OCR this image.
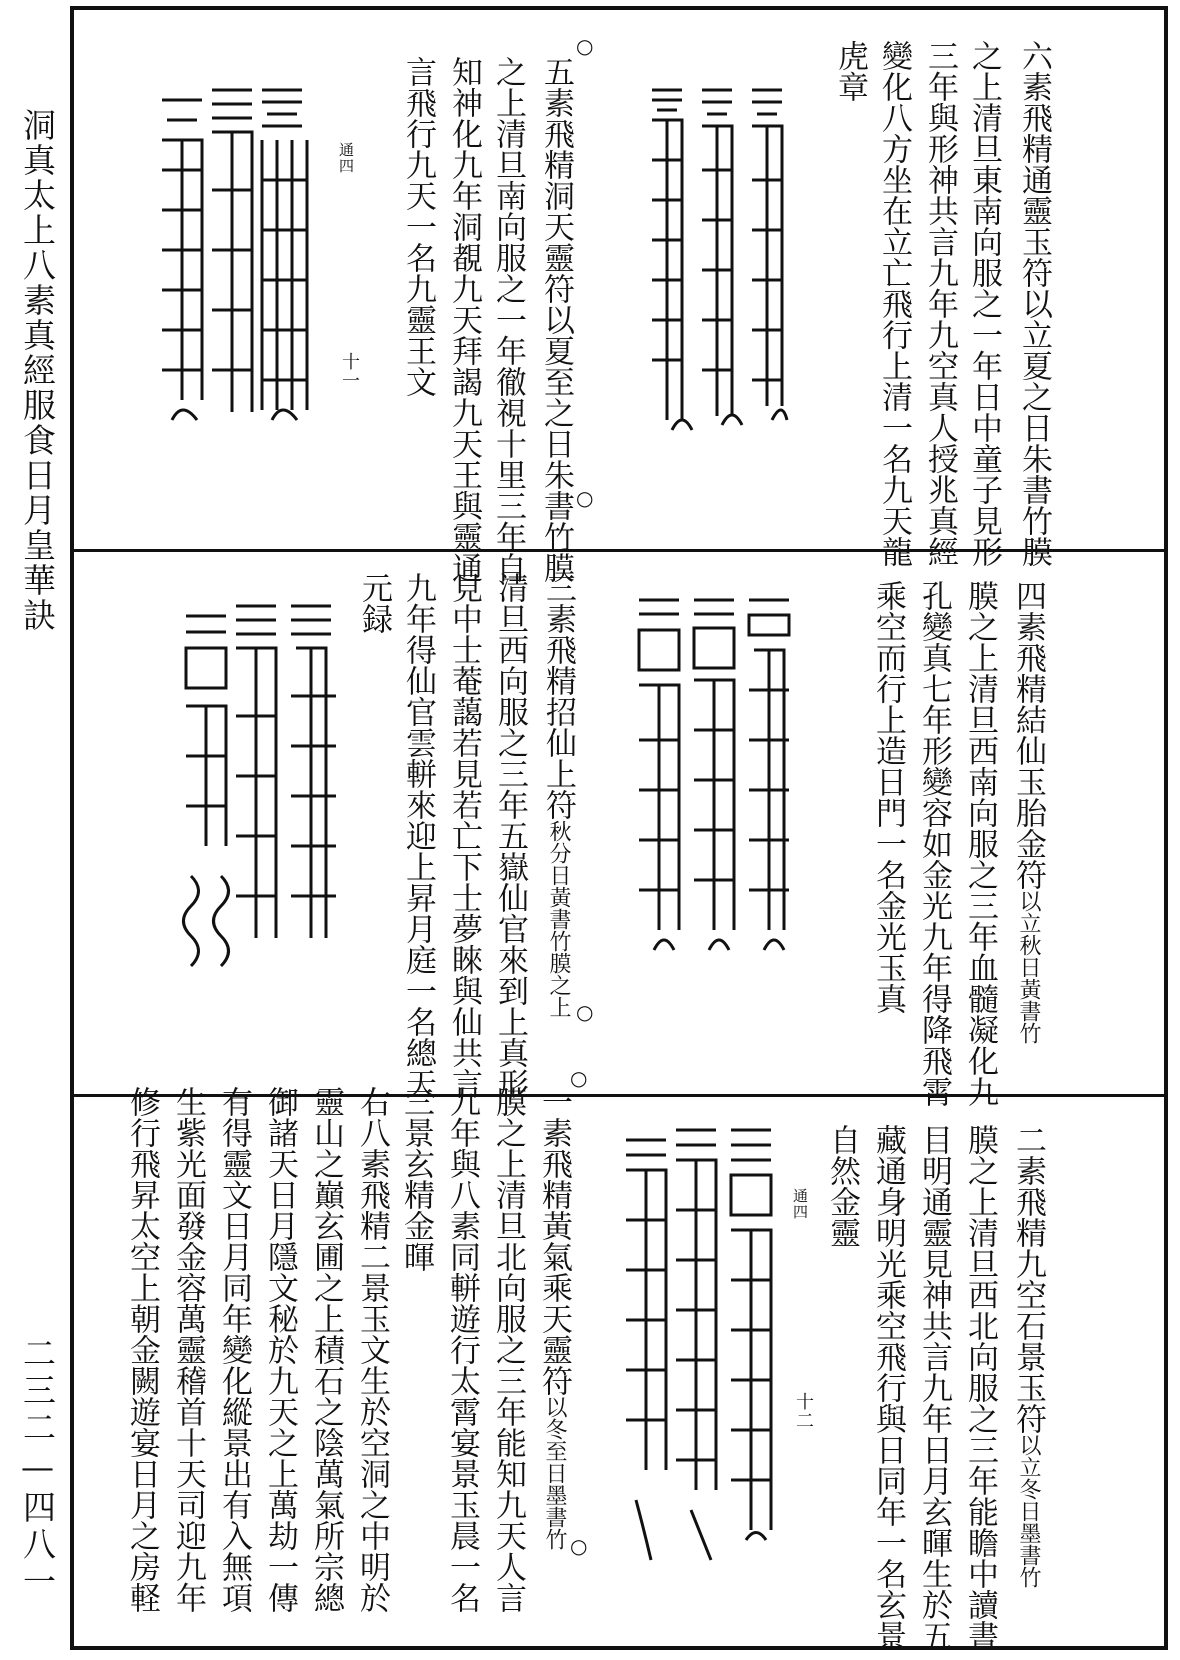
洞真太上八素真經服食日月皇華訣
二三二—四八一
六素飛精通靈玉符以立夏之日朱書竹膜
之上清旦東南向服之一年日中童子見形
三年與形神共言九年九空真人授兆真經
變化八方坐在立亡飛行上清一名九天龍
虎章
○
○
五素飛精洞天靈符以夏至之日朱書竹膜
之上清旦南向服之一年徹視十里三年自
知神化九年洞覩九天拜謁九天王與靈通
言飛行九天一名九靈王文
通四
十一
四素飛精結仙玉胎金符以立秋日黃書竹
膜之上清旦西南向服之三年血髓凝化九
孔變真七年形變容如金光九年得降飛霄
乘空而行上造日門一名金光玉真
○
三素飛精招仙上符秋分日黃書竹膜之上
清旦西向服之三年五嶽仙官來到上真形
見中士菴藹若見若亡下士夢睞與仙共言
九年得仙官雲軿來迎上昇月庭一名總天
元録
二素飛精九空石景玉符以立冬日墨書竹
膜之上清旦西北向服之三年能瞻中讀書
目明通靈見神共言九年日月玄暉生於五
藏通身明光乘空飛行與日同年一名玄景
自然金靈
通四
十二
○
○
一素飛精黃氣乘天靈符以冬至日墨書竹
膜之上清旦北向服之三年能知九天人言
九年與八素同軿遊行太霄宴景玉晨一名
三景玄精金暉
右八素飛精二景玉文生於空洞之中明於
靈山之巔玄圃之上積石之陰萬氣所宗總
御諸天日月隱文秘於九天之上萬劫一傳
有得靈文日月同年變化縱景出有入無項
生紫光面發金容萬靈稽首十天司迎九年
修行飛昇太空上朝金闕遊宴日月之房軽
